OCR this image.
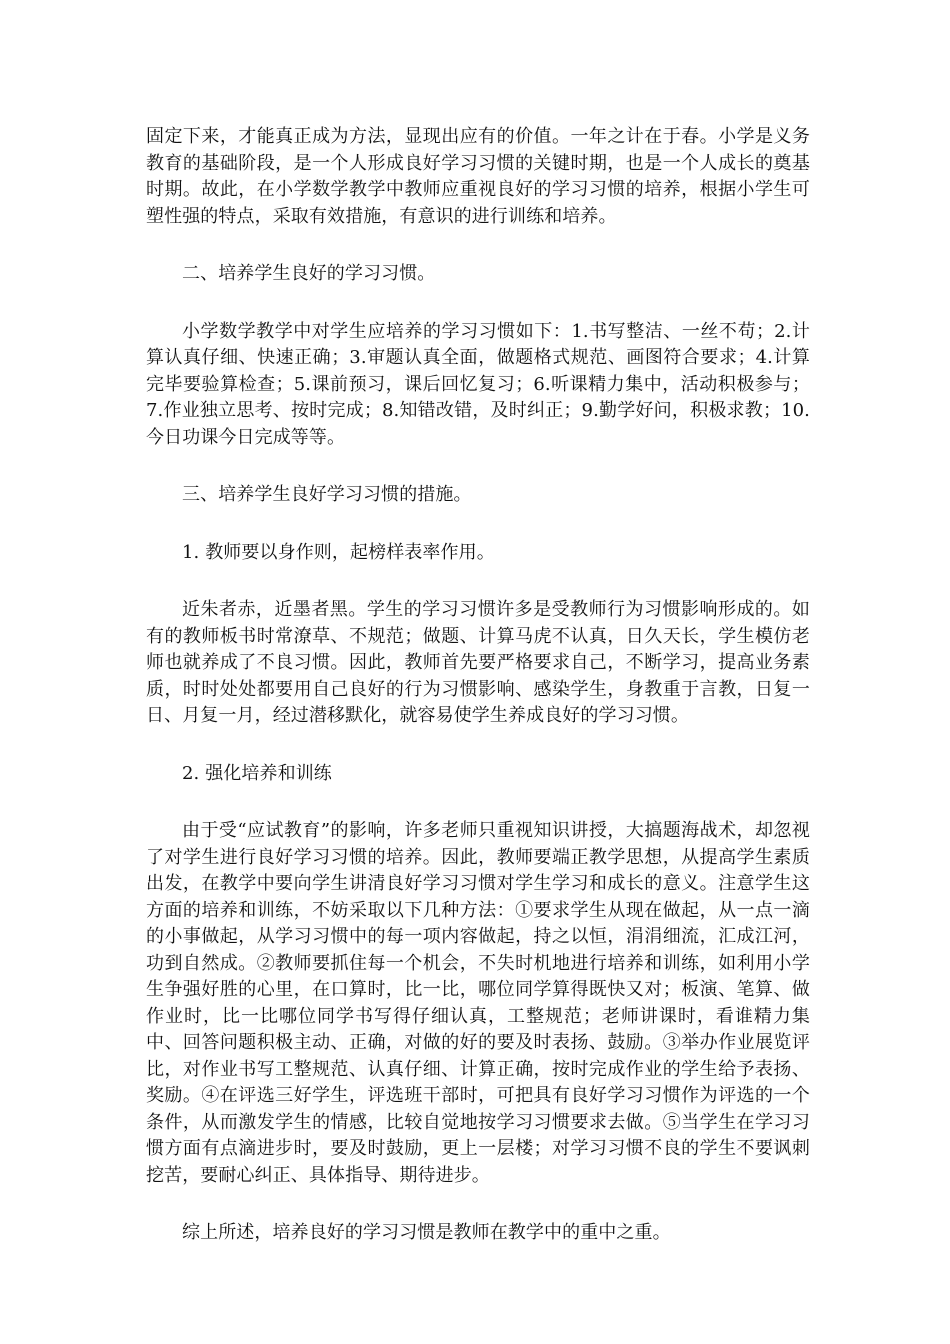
固定下来，才能真正成为方法，显现出应有的价值。一年之计在于春。小学是义务教育的基础阶段，是一个人形成良好学习习惯的关键时期，也是一个人成长的奠基时期。故此，在小学数学教学中教师应重视良好的学习习惯的培养，根据小学生可塑性强的特点，采取有效措施，有意识的进行训练和培养。

二、培养学生良好的学习习惯。

小学数学教学中对学生应培养的学习习惯如下：1.书写整洁、一丝不苟；2.计算认真仔细、快速正确；3.审题认真全面，做题格式规范、画图符合要求；4.计算完毕要验算检查；5.课前预习，课后回忆复习；6.听课精力集中，活动积极参与；7.作业独立思考、按时完成；8.知错改错，及时纠正；9.勤学好问，积极求教；10.今日功课今日完成等等。

三、培养学生良好学习习惯的措施。

1. 教师要以身作则，起榜样表率作用。

近朱者赤，近墨者黑。学生的学习习惯许多是受教师行为习惯影响形成的。如有的教师板书时常潦草、不规范；做题、计算马虎不认真，日久天长，学生模仿老师也就养成了不良习惯。因此，教师首先要严格要求自己，不断学习，提高业务素质，时时处处都要用自己良好的行为习惯影响、感染学生，身教重于言教，日复一日、月复一月，经过潜移默化，就容易使学生养成良好的学习习惯。

2. 强化培养和训练

由于受“应试教育”的影响，许多老师只重视知识讲授，大搞题海战术，却忽视了对学生进行良好学习习惯的培养。因此，教师要端正教学思想，从提高学生素质出发，在教学中要向学生讲清良好学习习惯对学生学习和成长的意义。注意学生这方面的培养和训练，不妨采取以下几种方法：①要求学生从现在做起，从一点一滴的小事做起，从学习习惯中的每一项内容做起，持之以恒，涓涓细流，汇成江河，功到自然成。②教师要抓住每一个机会，不失时机地进行培养和训练，如利用小学生争强好胜的心里，在口算时，比一比，哪位同学算得既快又对；板演、笔算、做作业时，比一比哪位同学书写得仔细认真，工整规范；老师讲课时，看谁精力集中、回答问题积极主动、正确，对做的好的要及时表扬、鼓励。③举办作业展览评比，对作业书写工整规范、认真仔细、计算正确，按时完成作业的学生给予表扬、奖励。④在评选三好学生，评选班干部时，可把具有良好学习习惯作为评选的一个条件，从而激发学生的情感，比较自觉地按学习习惯要求去做。⑤当学生在学习习惯方面有点滴进步时，要及时鼓励，更上一层楼；对学习习惯不良的学生不要讽刺挖苦，要耐心纠正、具体指导、期待进步。

综上所述，培养良好的学习习惯是教师在教学中的重中之重。
